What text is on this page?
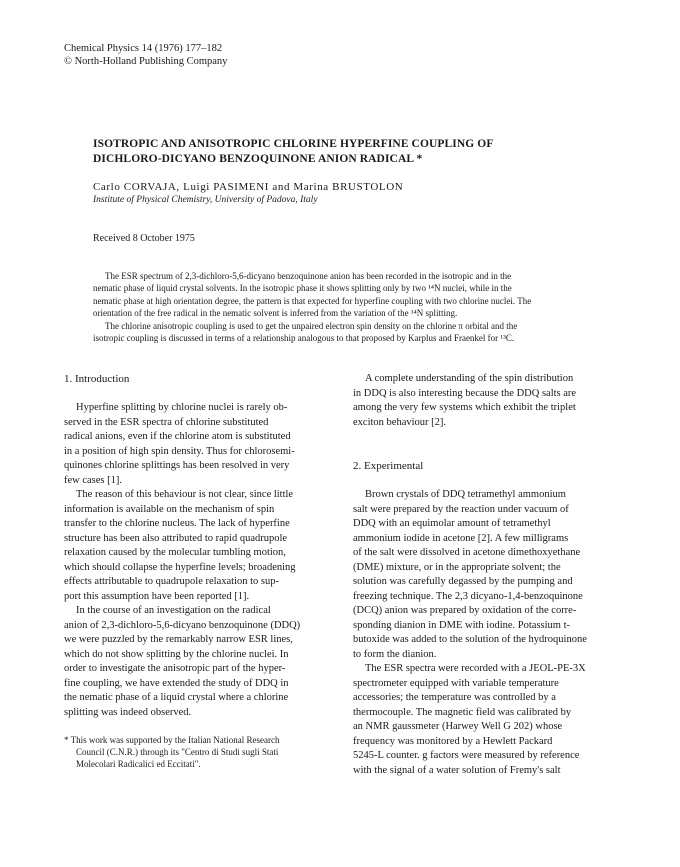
Chemical Physics 14 (1976) 177–182
© North-Holland Publishing Company
ISOTROPIC AND ANISOTROPIC CHLORINE HYPERFINE COUPLING OF
DICHLORO-DICYANO BENZOQUINONE ANION RADICAL *
Carlo CORVAJA, Luigi PASIMENI and Marina BRUSTOLON
Institute of Physical Chemistry, University of Padova, Italy
Received 8 October 1975
The ESR spectrum of 2,3-dichloro-5,6-dicyano benzoquinone anion has been recorded in the isotropic and in the
nematic phase of liquid crystal solvents. In the isotropic phase it shows splitting only by two ¹⁴N nuclei, while in the
nematic phase at high orientation degree, the pattern is that expected for hyperfine coupling with two chlorine nuclei. The
orientation of the free radical in the nematic solvent is inferred from the variation of the ¹⁴N splitting.
The chlorine anisotropic coupling is used to get the unpaired electron spin density on the chlorine π orbital and the
isotropic coupling is discussed in terms of a relationship analogous to that proposed by Karplus and Fraenkel for ¹³C.
1. Introduction
Hyperfine splitting by chlorine nuclei is rarely ob-
served in the ESR spectra of chlorine substituted
radical anions, even if the chlorine atom is substituted
in a position of high spin density. Thus for chlorosemi-
quinones chlorine splittings has been resolved in very
few cases [1].
The reason of this behaviour is not clear, since little
information is available on the mechanism of spin
transfer to the chlorine nucleus. The lack of hyperfine
structure has been also attributed to rapid quadrupole
relaxation caused by the molecular tumbling motion,
which should collapse the hyperfine levels; broadening
effects attributable to quadrupole relaxation to sup-
port this assumption have been reported [1].
In the course of an investigation on the radical
anion of 2,3-dichloro-5,6-dicyano benzoquinone (DDQ)
we were puzzled by the remarkably narrow ESR lines,
which do not show splitting by the chlorine nuclei. In
order to investigate the anisotropic part of the hyper-
fine coupling, we have extended the study of DDQ in
the nematic phase of a liquid crystal where a chlorine
splitting was indeed observed.
* This work was supported by the Italian National Research
Council (C.N.R.) through its "Centro di Studi sugli Stati
Molecolari Radicalici ed Eccitati".
A complete understanding of the spin distribution
in DDQ is also interesting because the DDQ salts are
among the very few systems which exhibit the triplet
exciton behaviour [2].
2. Experimental
Brown crystals of DDQ tetramethyl ammonium
salt were prepared by the reaction under vacuum of
DDQ with an equimolar amount of tetramethyl
ammonium iodide in acetone [2]. A few milligrams
of the salt were dissolved in acetone dimethoxyethane
(DME) mixture, or in the appropriate solvent; the
solution was carefully degassed by the pumping and
freezing technique. The 2,3 dicyano-1,4-benzoquinone
(DCQ) anion was prepared by oxidation of the corre-
sponding dianion in DME with iodine. Potassium t-
butoxide was added to the solution of the hydroquinone
to form the dianion.
The ESR spectra were recorded with a JEOL-PE-3X
spectrometer equipped with variable temperature
accessories; the temperature was controlled by a
thermocouple. The magnetic field was calibrated by
an NMR gaussmeter (Harwey Well G 202) whose
frequency was monitored by a Hewlett Packard
5245-L counter. g factors were measured by reference
with the signal of a water solution of Fremy's salt
